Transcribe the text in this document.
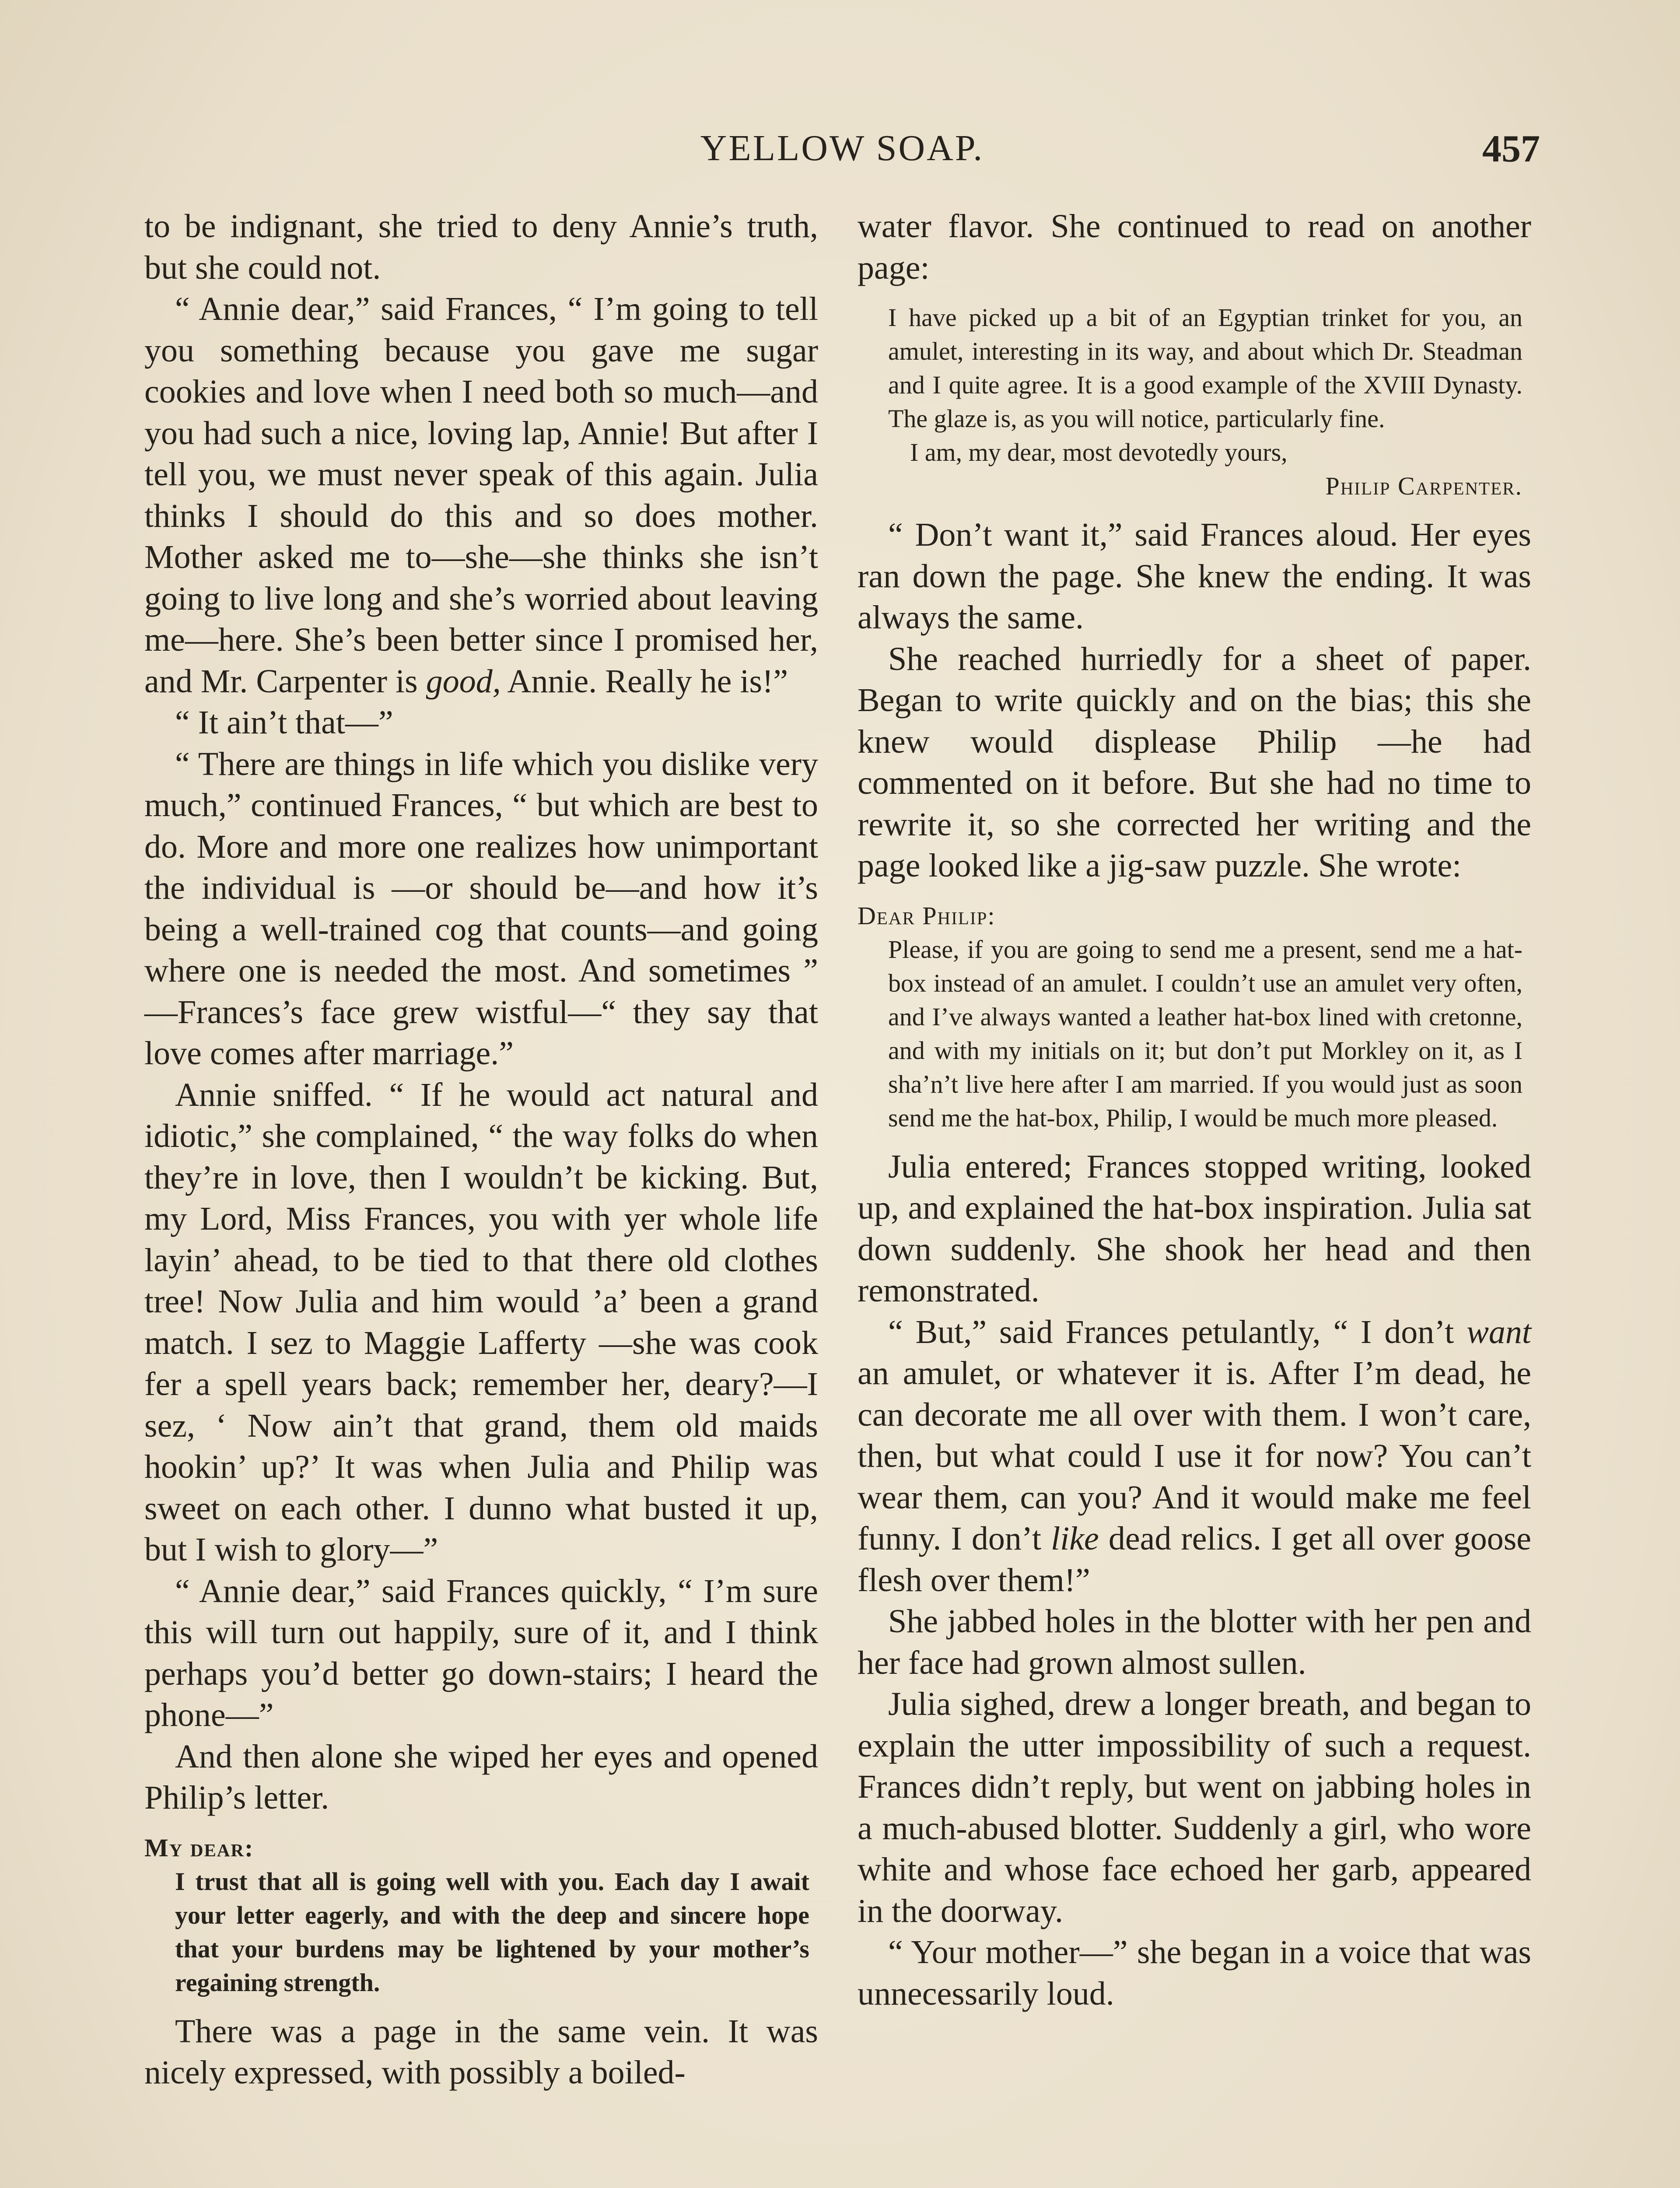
YELLOW SOAP.	457

to be indignant, she tried to deny Annie’s truth, but she could not.

“ Annie dear,” said Frances, “ I’m going to tell you something because you gave me sugar cookies and love when I need both so much—and you had such a nice, loving lap, Annie! But after I tell you, we must never speak of this again. Julia thinks I should do this and so does mother. Mother asked me to—she—she thinks she isn’t going to live long and she’s worried about leaving me—here. She’s been better since I promised her, and Mr. Carpenter is good, Annie. Really he is!”

“ It ain’t that—”

“ There are things in life which you dislike very much,” continued Frances, “ but which are best to do. More and more one realizes how unimportant the individual is —or should be—and how it’s being a well-trained cog that counts—and going where one is needed the most. And sometimes ” —Frances’s face grew wistful—“ they say that love comes after marriage.”

Annie sniffed. “ If he would act natural and idiotic,” she complained, “ the way folks do when they’re in love, then I wouldn’t be kicking. But, my Lord, Miss Frances, you with yer whole life layin’ ahead, to be tied to that there old clothes tree! Now Julia and him would ’a’ been a grand match. I sez to Maggie Lafferty —she was cook fer a spell years back; remember her, deary?—I sez, ‘ Now ain’t that grand, them old maids hookin’ up?’ It was when Julia and Philip was sweet on each other. I dunno what busted it up, but I wish to glory—”

“ Annie dear,” said Frances quickly, “ I’m sure this will turn out happily, sure of it, and I think perhaps you’d better go down-stairs; I heard the phone—”

And then alone she wiped her eyes and opened Philip’s letter.

My dear:

I trust that all is going well with you. Each day I await your letter eagerly, and with the deep and sincere hope that your burdens may be lightened by your mother’s regaining strength.

There was a page in the same vein. It was nicely expressed, with possibly a boiled-

water flavor. She continued to read on another page:

I have picked up a bit of an Egyptian trinket for you, an amulet, interesting in its way, and about which Dr. Steadman and I quite agree. It is a good example of the XVIII Dynasty. The glaze is, as you will notice, particularly fine.

I am, my dear, most devotedly yours,

Philip Carpenter.

“ Don’t want it,” said Frances aloud. Her eyes ran down the page. She knew the ending. It was always the same.

She reached hurriedly for a sheet of paper. Began to write quickly and on the bias; this she knew would displease Philip —he had commented on it before. But she had no time to rewrite it, so she corrected her writing and the page looked like a jig-saw puzzle. She wrote:

Dear Philip:

Please, if you are going to send me a present, send me a hat-box instead of an amulet. I couldn’t use an amulet very often, and I’ve always wanted a leather hat-box lined with cretonne, and with my initials on it; but don’t put Morkley on it, as I sha’n’t live here after I am married. If you would just as soon send me the hat-box, Philip, I would be much more pleased.

Julia entered; Frances stopped writing, looked up, and explained the hat-box inspiration. Julia sat down suddenly. She shook her head and then remonstrated.

“ But,” said Frances petulantly, “ I don’t want an amulet, or whatever it is. After I’m dead, he can decorate me all over with them. I won’t care, then, but what could I use it for now? You can’t wear them, can you? And it would make me feel funny. I don’t like dead relics. I get all over goose flesh over them!”

She jabbed holes in the blotter with her pen and her face had grown almost sullen.

Julia sighed, drew a longer breath, and began to explain the utter impossibility of such a request. Frances didn’t reply, but went on jabbing holes in a much-abused blotter. Suddenly a girl, who wore white and whose face echoed her garb, appeared in the doorway.

“ Your mother—” she began in a voice that was unnecessarily loud.
